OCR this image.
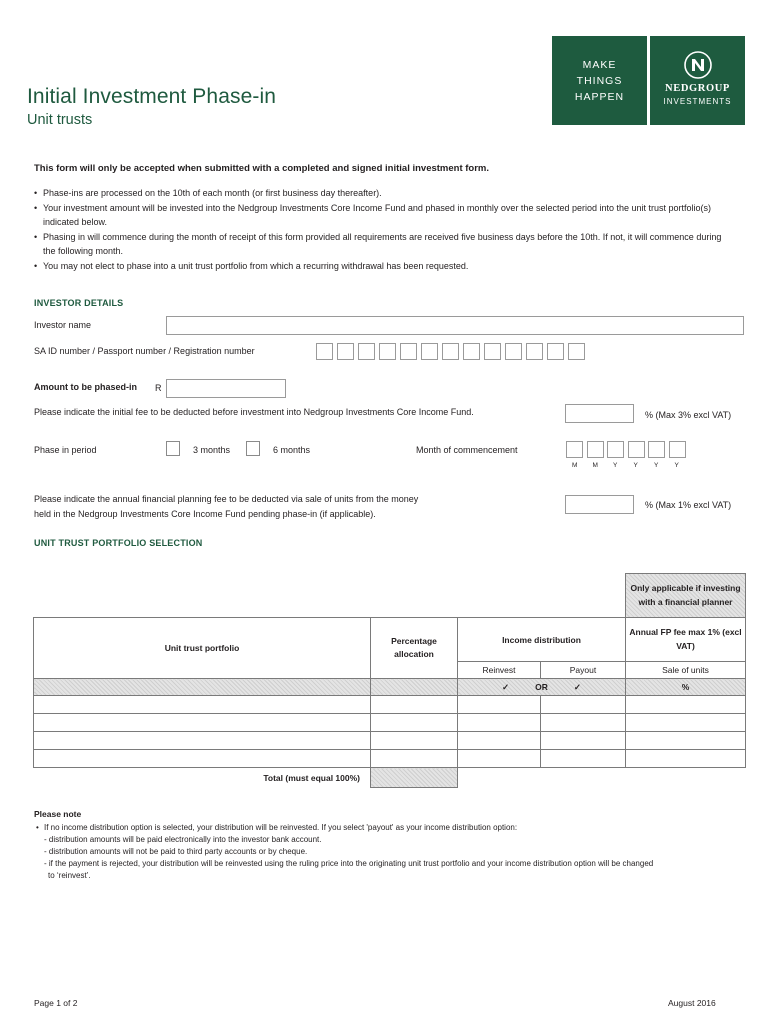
Initial Investment Phase-in
Unit trusts
MAKE
THINGS
HAPPEN
NEDGROUP
INVESTMENTS
This form will only be accepted when submitted with a completed and signed initial investment form.
• Phase-ins are processed on the 10th of each month (or first business day thereafter).
• Your investment amount will be invested into the Nedgroup Investments Core Income Fund and phased in monthly over the selected period into the unit trust portfolio(s) indicated below.
• Phasing in will commence during the month of receipt of this form provided all requirements are received five business days before the 10th. If not, it will commence during the following month.
• You may not elect to phase into a unit trust portfolio from which a recurring withdrawal has been requested.
INVESTOR DETAILS
Investor name
SA ID number / Passport number / Registration number
Amount to be phased-in R
Please indicate the initial fee to be deducted before investment into Nedgroup Investments Core Income Fund.	% (Max 3% excl VAT)
Phase in period	3 months	6 months	Month of commencement
M M Y Y Y Y
Please indicate the annual financial planning fee to be deducted via sale of units from the money
held in the Nedgroup Investments Core Income Fund pending phase-in (if applicable).
% (Max 1% excl VAT)
UNIT TRUST PORTFOLIO SELECTION
				Only applicable if investing with a financial planner
Unit trust portfolio	Percentage allocation	Income distribution		Annual FP fee max 1% (excl VAT)
		Reinvest	Payout	Sale of units
		✓ OR ✓		%

Total (must equal 100%)				
Please note
• If no income distribution option is selected, your distribution will be reinvested. If you select 'payout' as your income distribution option:
- distribution amounts will be paid electronically into the investor bank account.
- distribution amounts will not be paid to third party accounts or by cheque.
- if the payment is rejected, your distribution will be reinvested using the ruling price into the originating unit trust portfolio and your income distribution option will be changed
to ‘reinvest’.
Page 1 of 2	August 2016
